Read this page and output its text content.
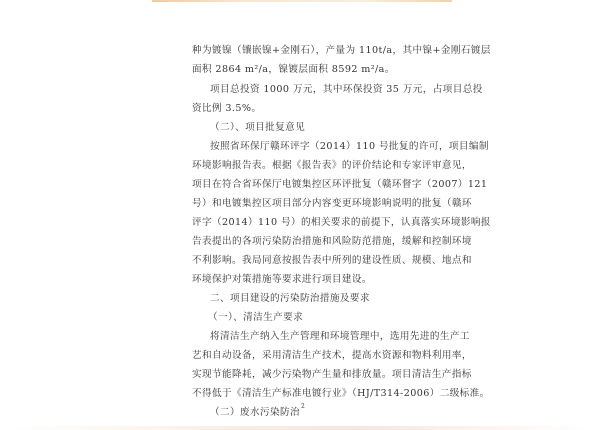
种为镀镍（镶嵌镍+金刚石），产量为 110t/a，其中镍+金刚石镀层
面积 2864 m²/a，镍镀层面积 8592 m²/a。
项目总投资 1000 万元，其中环保投资 35 万元，占项目总投
资比例 3.5%。
（二）、项目批复意见
按照省环保厅赣环评字（2014）110 号批复的许可，项目编制
环境影响报告表。根据《报告表》的评价结论和专家评审意见，
项目在符合省环保厅电镀集控区环评批复（赣环督字（2007）121
号）和电镀集控区项目部分内容变更环境影响说明的批复（赣环
评字（2014）110 号）的相关要求的前提下，认真落实环境影响报
告表提出的各项污染防治措施和风险防范措施，缓解和控制环境
不利影响。我局同意按报告表中所列的建设性质、规模、地点和
环境保护对策措施等要求进行项目建设。
二、项目建设的污染防治措施及要求
（一）、清洁生产要求
将清洁生产纳入生产管理和环境管理中，选用先进的生产工
艺和自动设备，采用清洁生产技术，提高水资源和物料利用率，
实现节能降耗，减少污染物产生量和排放量。项目清洁生产指标
不得低于《清洁生产标准电镀行业》（HJ/T314-2006）二级标准。
（二）废水污染防治
2
